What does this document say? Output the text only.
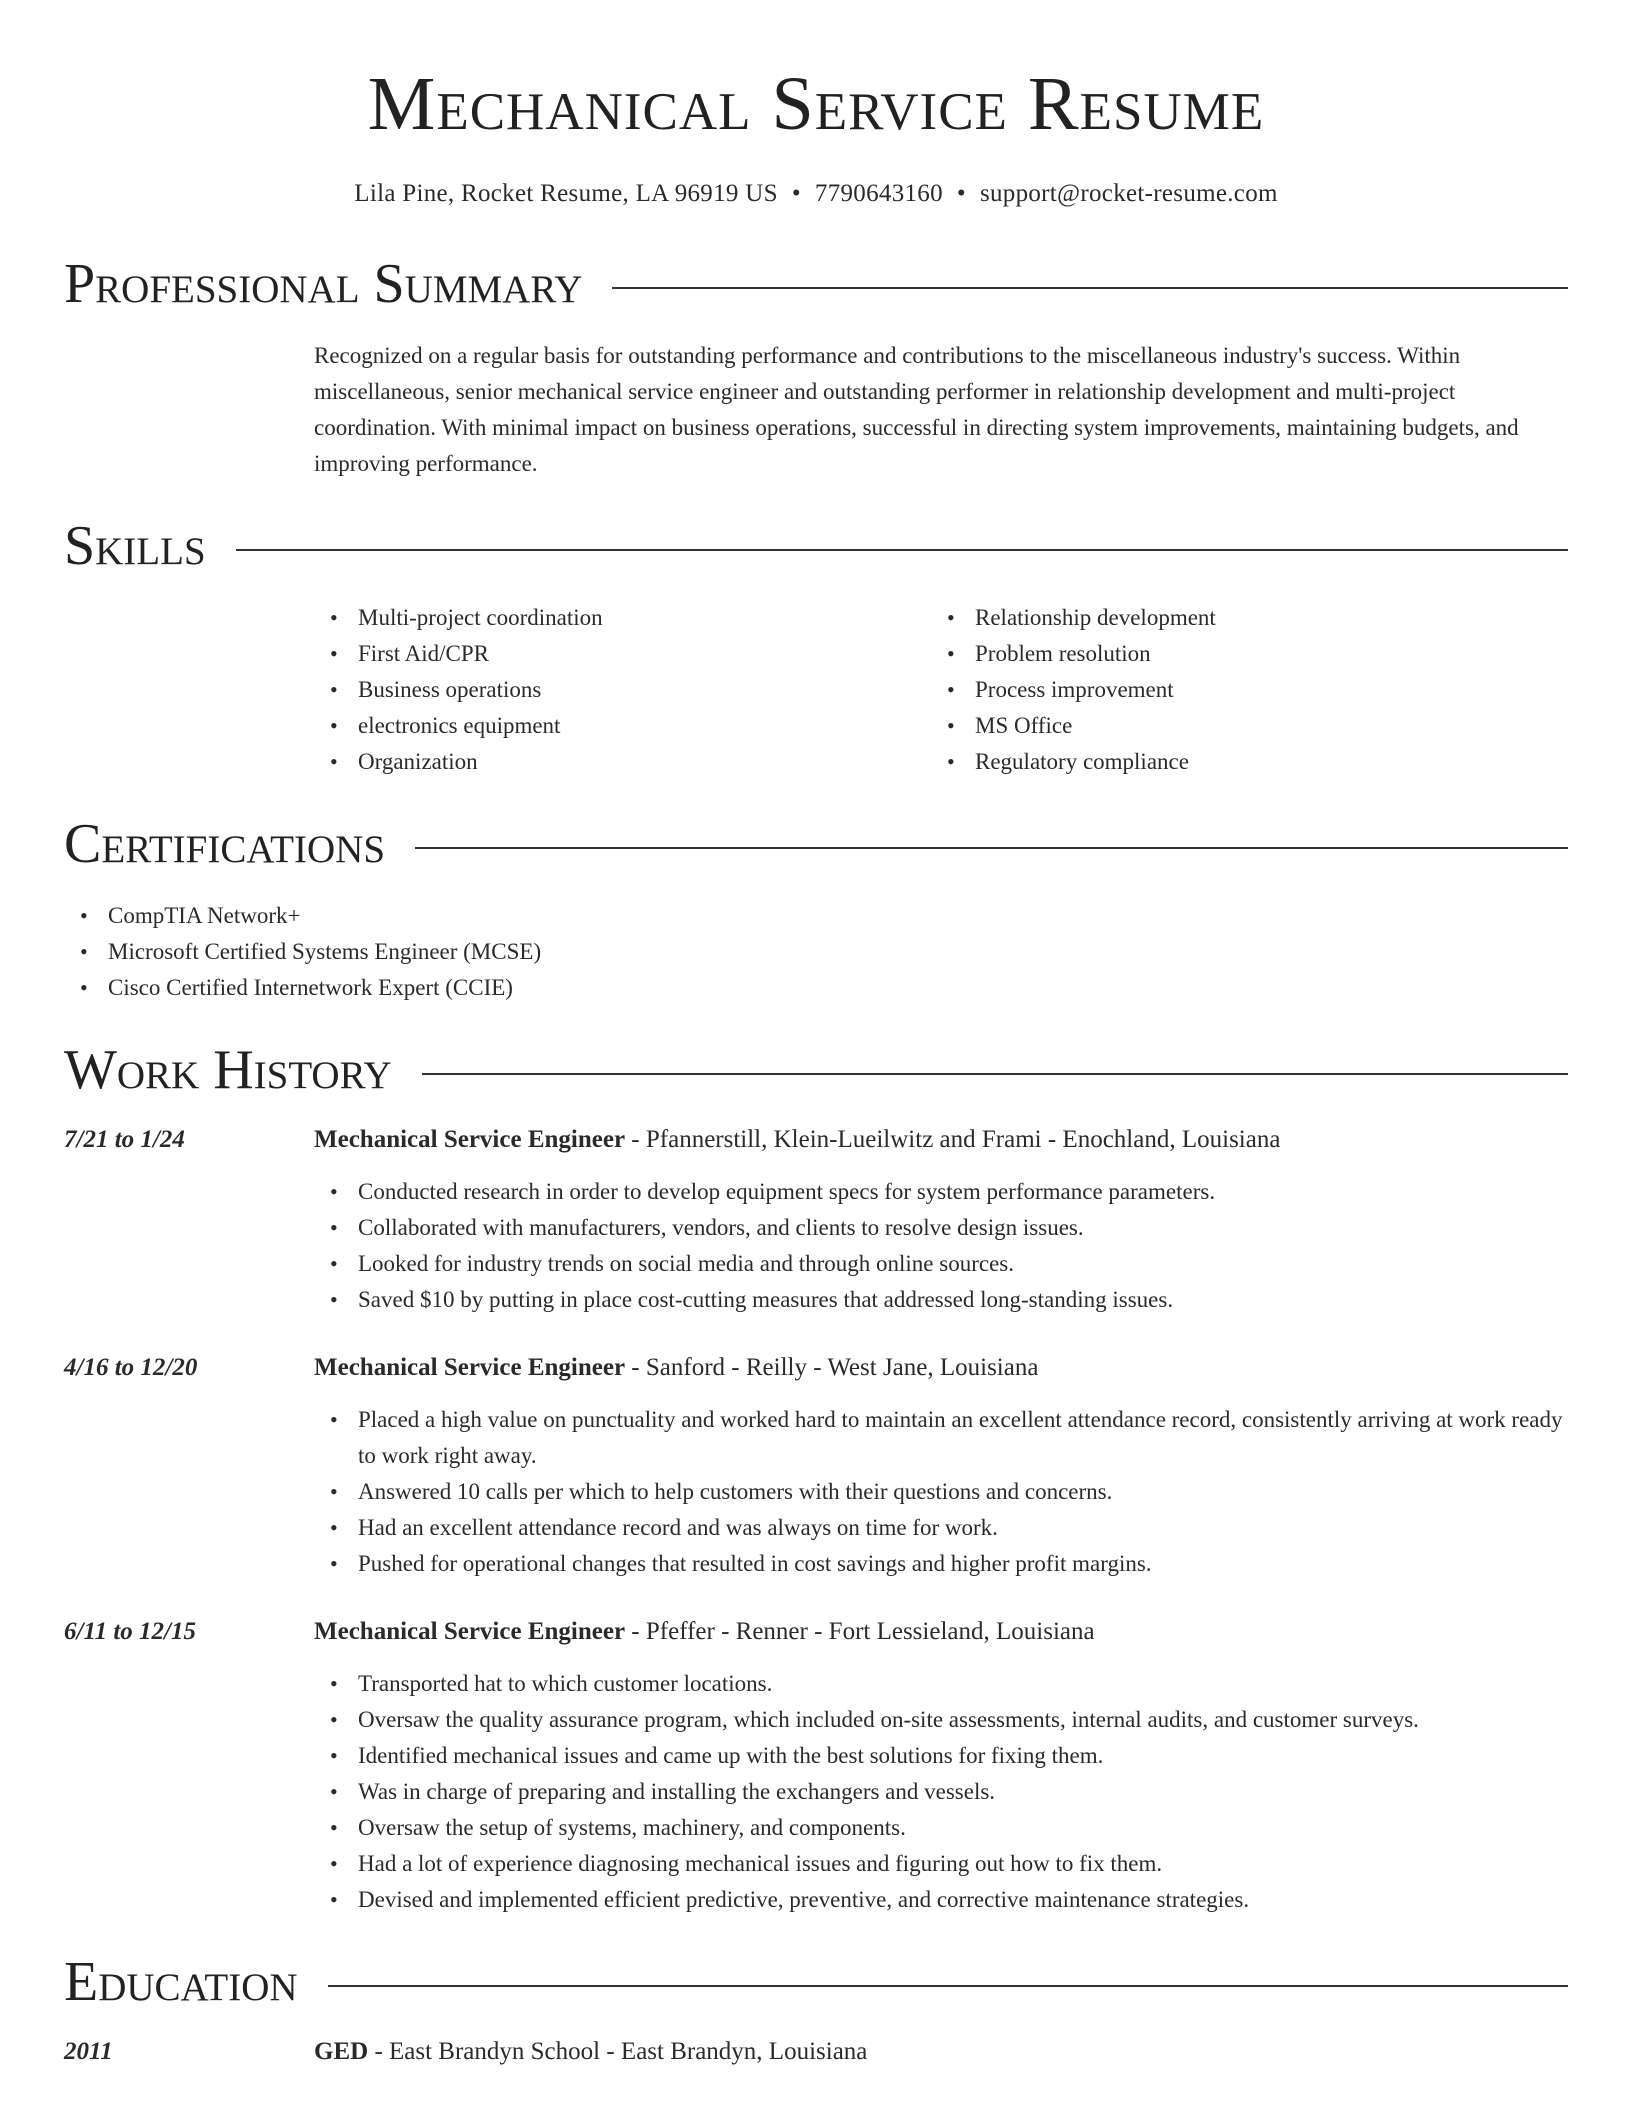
Mechanical Service Resume
Lila Pine, Rocket Resume, LA 96919 US • 7790643160 • support@rocket-resume.com
Professional Summary
Recognized on a regular basis for outstanding performance and contributions to the miscellaneous industry's success. Within miscellaneous, senior mechanical service engineer and outstanding performer in relationship development and multi-project coordination. With minimal impact on business operations, successful in directing system improvements, maintaining budgets, and improving performance.
Skills
• Multi-project coordination
• First Aid/CPR
• Business operations
• electronics equipment
• Organization
• Relationship development
• Problem resolution
• Process improvement
• MS Office
• Regulatory compliance
Certifications
• CompTIA Network+
• Microsoft Certified Systems Engineer (MCSE)
• Cisco Certified Internetwork Expert (CCIE)
Work History
7/21 to 1/24	Mechanical Service Engineer - Pfannerstill, Klein-Lueilwitz and Frami - Enochland, Louisiana
• Conducted research in order to develop equipment specs for system performance parameters.
• Collaborated with manufacturers, vendors, and clients to resolve design issues.
• Looked for industry trends on social media and through online sources.
• Saved $10 by putting in place cost-cutting measures that addressed long-standing issues.
4/16 to 12/20	Mechanical Service Engineer - Sanford - Reilly - West Jane, Louisiana
• Placed a high value on punctuality and worked hard to maintain an excellent attendance record, consistently arriving at work ready to work right away.
• Answered 10 calls per which to help customers with their questions and concerns.
• Had an excellent attendance record and was always on time for work.
• Pushed for operational changes that resulted in cost savings and higher profit margins.
6/11 to 12/15	Mechanical Service Engineer - Pfeffer - Renner - Fort Lessieland, Louisiana
• Transported hat to which customer locations.
• Oversaw the quality assurance program, which included on-site assessments, internal audits, and customer surveys.
• Identified mechanical issues and came up with the best solutions for fixing them.
• Was in charge of preparing and installing the exchangers and vessels.
• Oversaw the setup of systems, machinery, and components.
• Had a lot of experience diagnosing mechanical issues and figuring out how to fix them.
• Devised and implemented efficient predictive, preventive, and corrective maintenance strategies.
Education
2011	GED - East Brandyn School - East Brandyn, Louisiana
